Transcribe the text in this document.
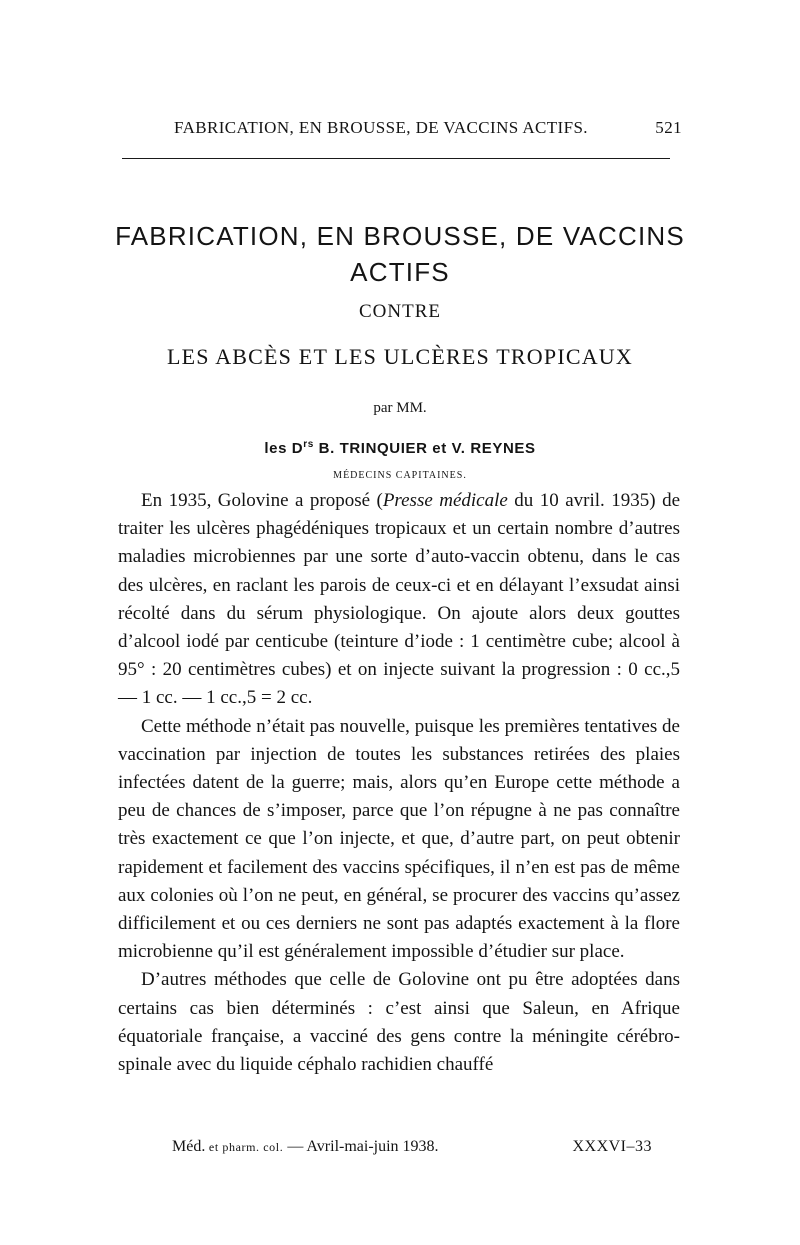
FABRICATION, EN BROUSSE, DE VACCINS ACTIFS.	521
FABRICATION, EN BROUSSE, DE VACCINS ACTIFS
CONTRE
LES ABCÈS ET LES ULCÈRES TROPICAUX
par MM.
les $D^{rs}$ B. TRINQUIER et V. REYNES
MÉDECINS CAPITAINES.

En 1935, Golovine a proposé (Presse médicale du 10 avril. 1935) de traiter les ulcères phagédéniques tropicaux et un certain nombre d’autres maladies microbiennes par une sorte d’auto-vaccin obtenu, dans le cas des ulcères, en raclant les parois de ceux-ci et en délayant l’exsudat ainsi récolté dans du sérum physiologique. On ajoute alors deux gouttes d’alcool iodé par centicube (teinture d’iode : 1 centimètre cube; alcool à 95° : 20 centimètres cubes) et on injecte suivant la progression : 0 cc.,5 — 1 cc. — 1 cc.,5 = 2 cc.

Cette méthode n’était pas nouvelle, puisque les premières tentatives de vaccination par injection de toutes les substances retirées des plaies infectées datent de la guerre; mais, alors qu’en Europe cette méthode a peu de chances de s’imposer, parce que l’on répugne à ne pas connaître très exactement ce que l’on injecte, et que, d’autre part, on peut obtenir rapidement et facilement des vaccins spécifiques, il n’en est pas de même aux colonies où l’on ne peut, en général, se procurer des vaccins qu’assez difficilement et ou ces derniers ne sont pas adaptés exactement à la flore microbienne qu’il est généralement impossible d’étudier sur place.

D’autres méthodes que celle de Golovine ont pu être adoptées dans certains cas bien déterminés : c’est ainsi que Saleun, en Afrique équatoriale française, a vacciné des gens contre la méningite cérébro-spinale avec du liquide céphalo rachidien chauffé

Méd. et pharm. col. — Avril-mai-juin 1938.	XXXVI–33
